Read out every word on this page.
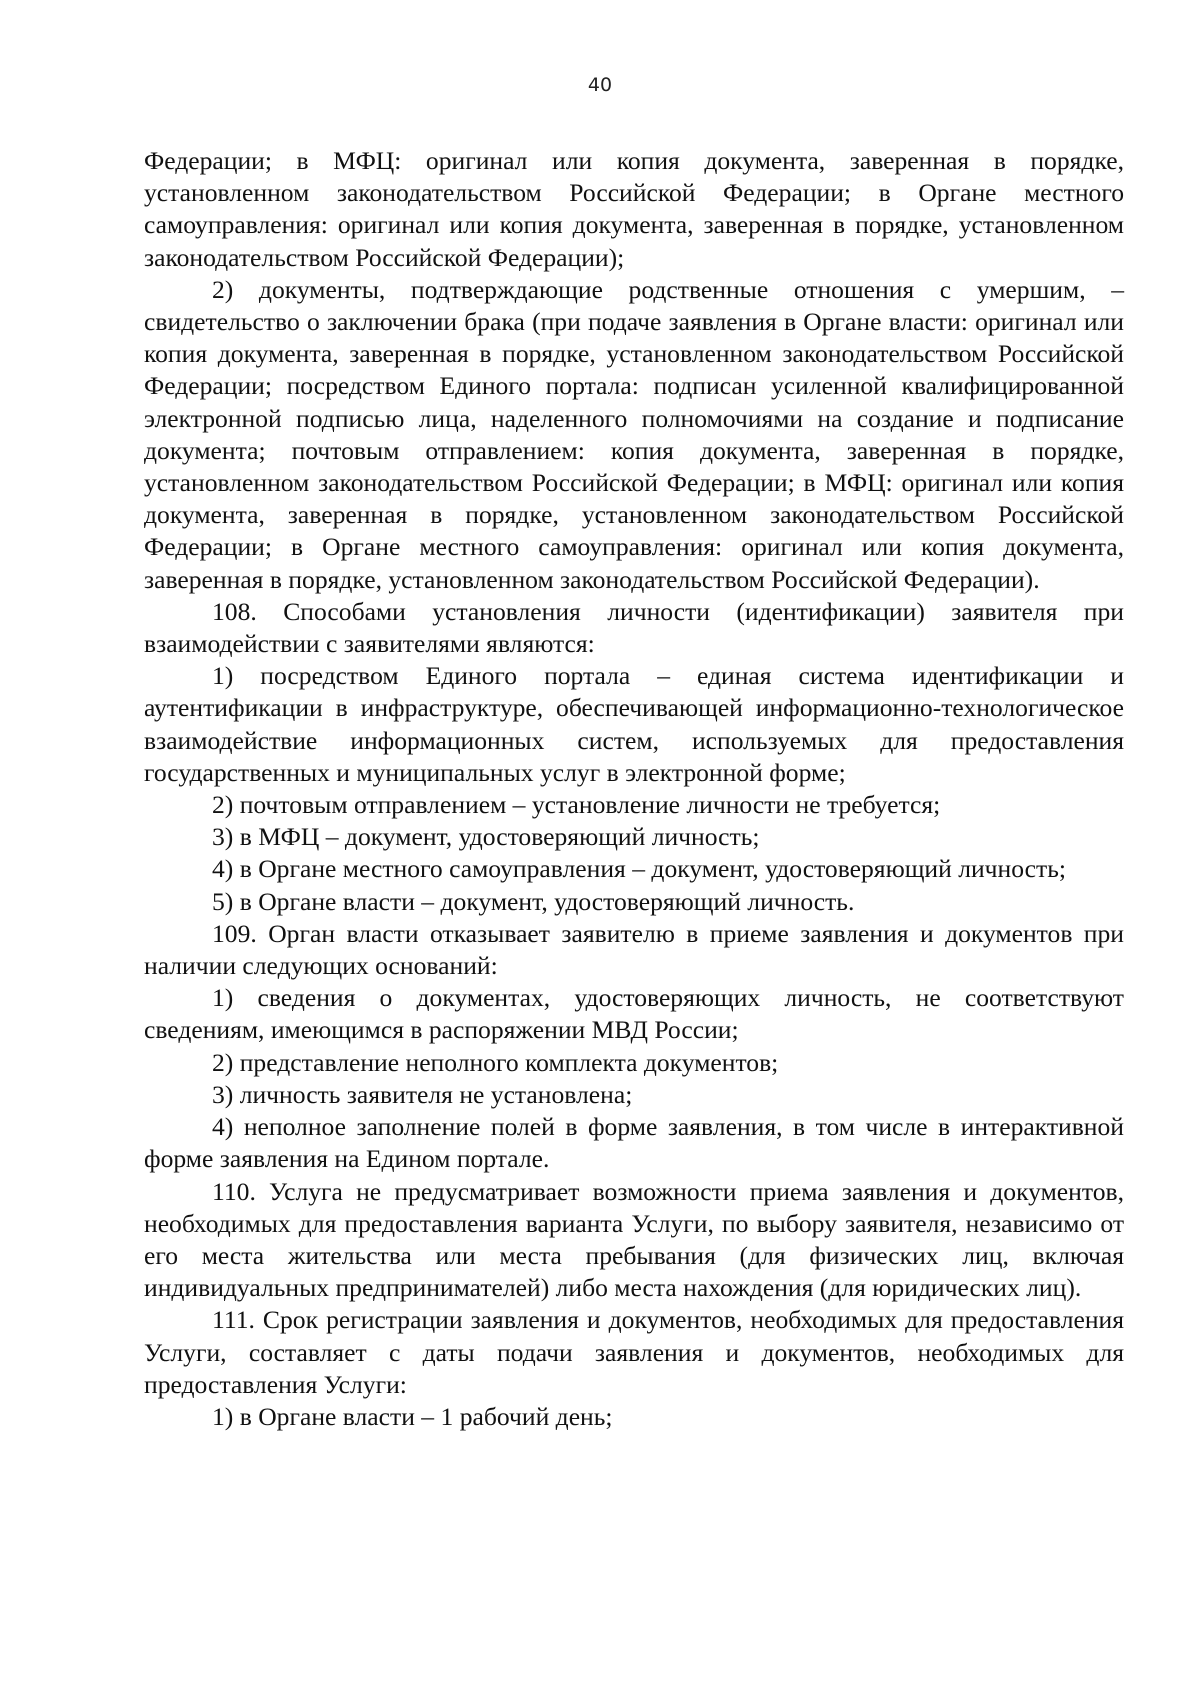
40

Федерации; в МФЦ: оригинал или копия документа, заверенная в порядке, установленном законодательством Российской Федерации; в Органе местного самоуправления: оригинал или копия документа, заверенная в порядке, установленном законодательством Российской Федерации);

2) документы, подтверждающие родственные отношения с умершим, – свидетельство о заключении брака (при подаче заявления в Органе власти: оригинал или копия документа, заверенная в порядке, установленном законодательством Российской Федерации; посредством Единого портала: подписан усиленной квалифицированной электронной подписью лица, наделенного полномочиями на создание и подписание документа; почтовым отправлением: копия документа, заверенная в порядке, установленном законодательством Российской Федерации; в МФЦ: оригинал или копия документа, заверенная в порядке, установленном законодательством Российской Федерации; в Органе местного самоуправления: оригинал или копия документа, заверенная в порядке, установленном законодательством Российской Федерации).

108. Способами установления личности (идентификации) заявителя при взаимодействии с заявителями являются:

1) посредством Единого портала – единая система идентификации и аутентификации в инфраструктуре, обеспечивающей информационно-технологическое взаимодействие информационных систем, используемых для предоставления государственных и муниципальных услуг в электронной форме;

2) почтовым отправлением – установление личности не требуется;

3) в МФЦ – документ, удостоверяющий личность;

4) в Органе местного самоуправления – документ, удостоверяющий личность;

5) в Органе власти – документ, удостоверяющий личность.

109. Орган власти отказывает заявителю в приеме заявления и документов при наличии следующих оснований:

1) сведения о документах, удостоверяющих личность, не соответствуют сведениям, имеющимся в распоряжении МВД России;

2) представление неполного комплекта документов;

3) личность заявителя не установлена;

4) неполное заполнение полей в форме заявления, в том числе в интерактивной форме заявления на Едином портале.

110. Услуга не предусматривает возможности приема заявления и документов, необходимых для предоставления варианта Услуги, по выбору заявителя, независимо от его места жительства или места пребывания (для физических лиц, включая индивидуальных предпринимателей) либо места нахождения (для юридических лиц).

111. Срок регистрации заявления и документов, необходимых для предоставления Услуги, составляет с даты подачи заявления и документов, необходимых для предоставления Услуги:

1) в Органе власти – 1 рабочий день;
